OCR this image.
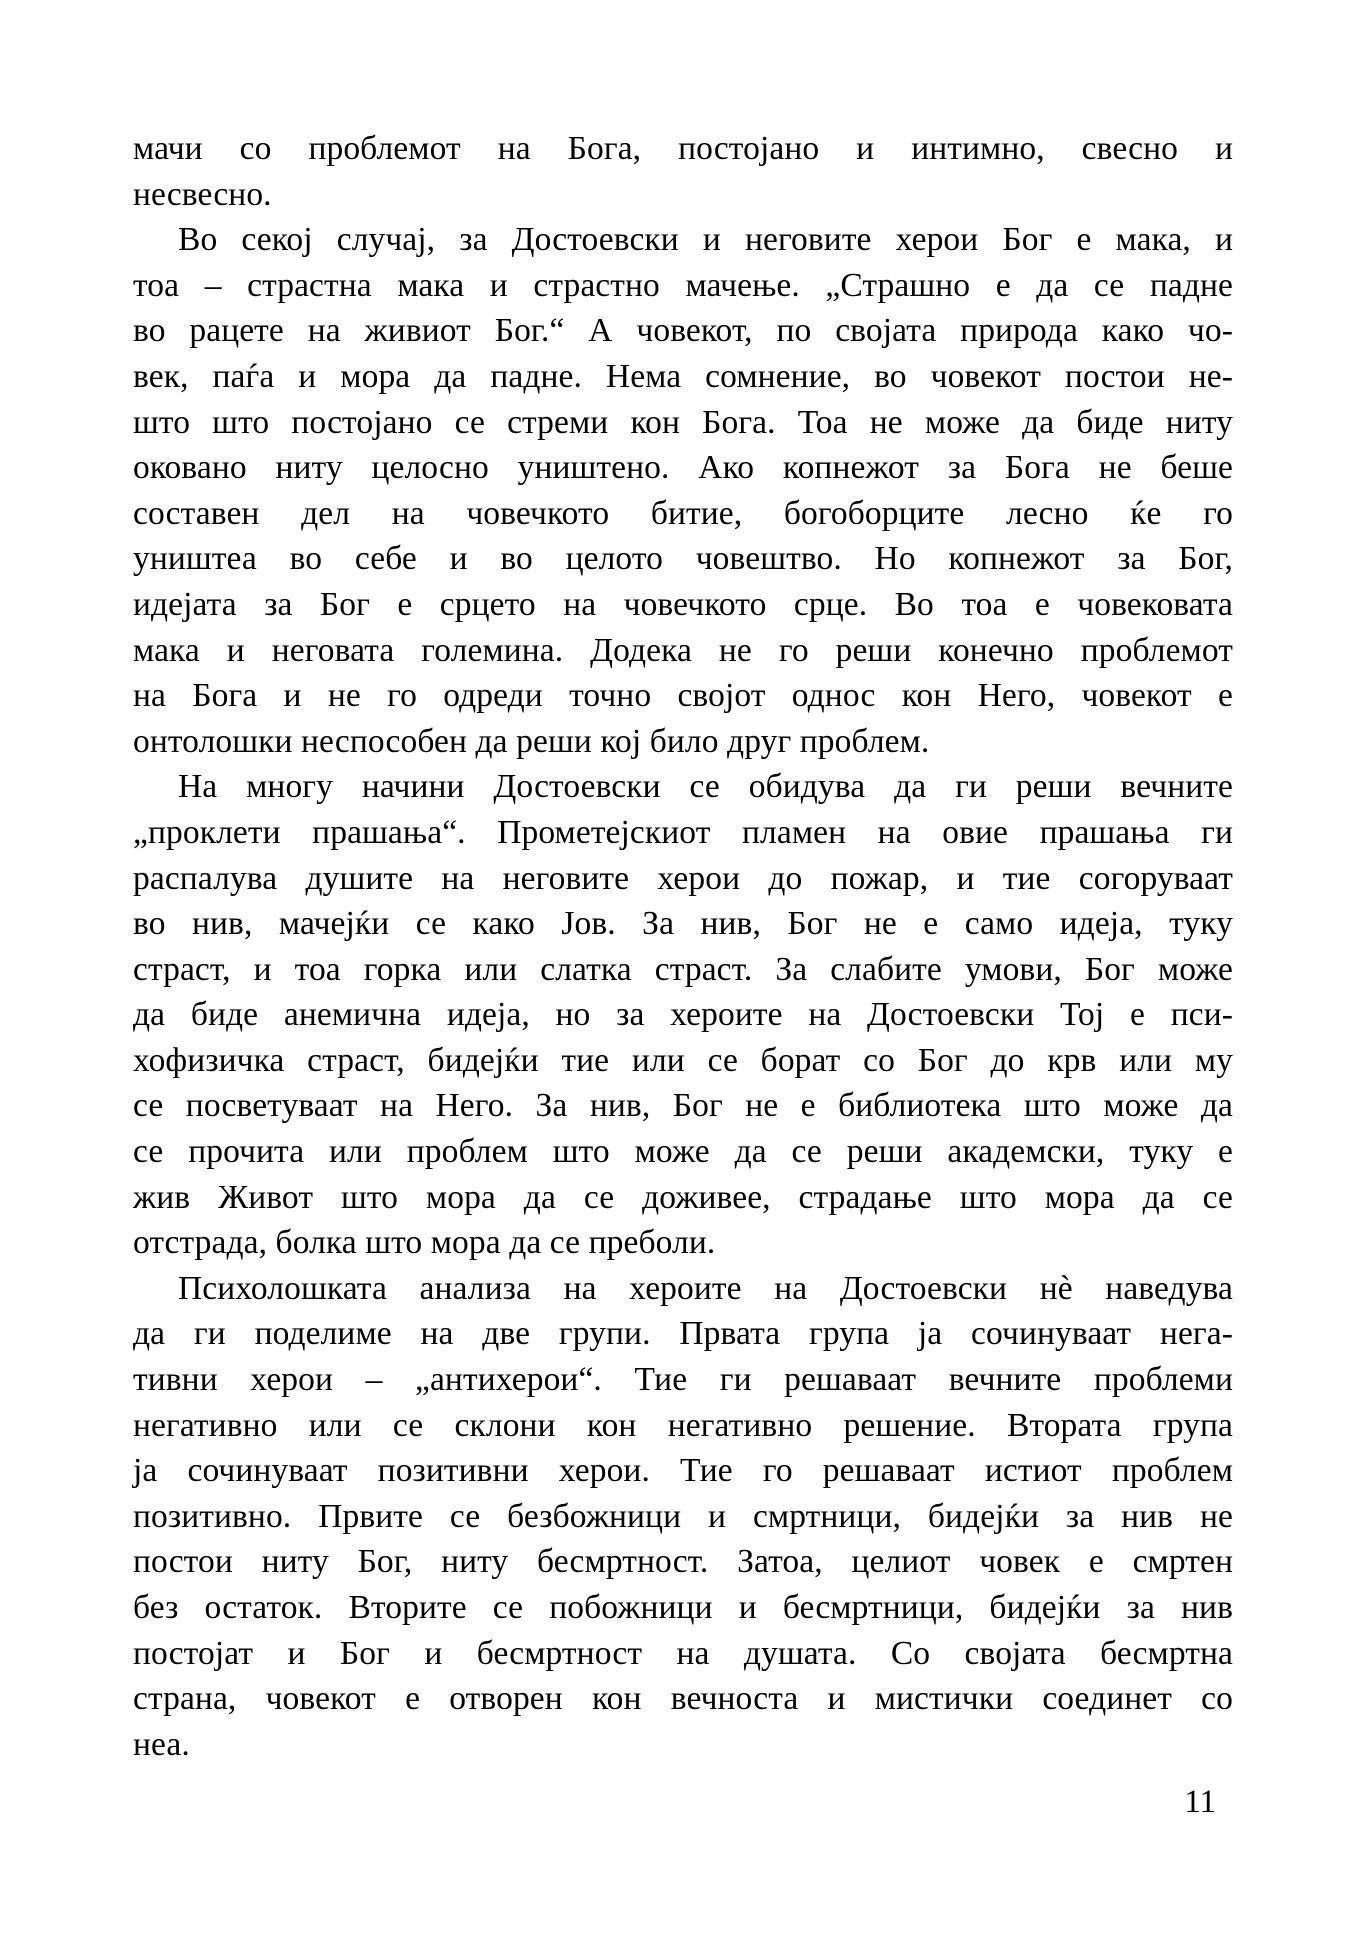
мачи со проблемот на Бога, постојано и интимно, свесно и
несвесно.
Во секој случај, за Достоевски и неговите херои Бог е мака, и
тоа – страстна мака и страстно мачење. „Страшно е да се падне
во рацете на живиот Бог.“ А човекот, по својата природа како чо-
век, паѓа и мора да падне. Нема сомнение, во човекот постои не-
што што постојано се стреми кон Бога. Тоа не може да биде ниту
оковано ниту целосно уништено. Ако копнежот за Бога не беше
составен дел на човечкото битие, богоборците лесно ќе го
уништеа во себе и во целото човештво. Но копнежот за Бог,
идејата за Бог е срцето на човечкото срце. Во тоа е човековата
мака и неговата големина. Додека не го реши конечно проблемот
на Бога и не го одреди точно својот однос кон Него, човекот е
онтолошки неспособен да реши кој било друг проблем.
На многу начини Достоевски се обидува да ги реши вечните
„проклети прашања“. Прометејскиот пламен на овие прашања ги
распалува душите на неговите херои до пожар, и тие согоруваат
во нив, мачејќи се како Јов. За нив, Бог не е само идеја, туку
страст, и тоа горка или слатка страст. За слабите умови, Бог може
да биде анемична идеја, но за хероите на Достоевски Тој е пси-
хофизичка страст, бидејќи тие или се борат со Бог до крв или му
се посветуваат на Него. За нив, Бог не е библиотека што може да
се прочита или проблем што може да се реши академски, туку е
жив Живот што мора да се доживее, страдање што мора да се
отстрада, болка што мора да се преболи.
Психолошката анализа на хероите на Достоевски нѐ наведува
да ги поделиме на две групи. Првата група ја сочинуваат нега-
тивни херои – „антихерои“. Тие ги решаваат вечните проблеми
негативно или се склони кон негативно решение. Втората група
ја сочинуваат позитивни херои. Тие го решаваат истиот проблем
позитивно. Првите се безбожници и смртници, бидејќи за нив не
постои ниту Бог, ниту бесмртност. Затоа, целиот човек е смртен
без остаток. Вторите се побожници и бесмртници, бидејќи за нив
постојат и Бог и бесмртност на душата. Со својата бесмртна
страна, човекот е отворен кон вечноста и мистички соединет со
неа.
11
